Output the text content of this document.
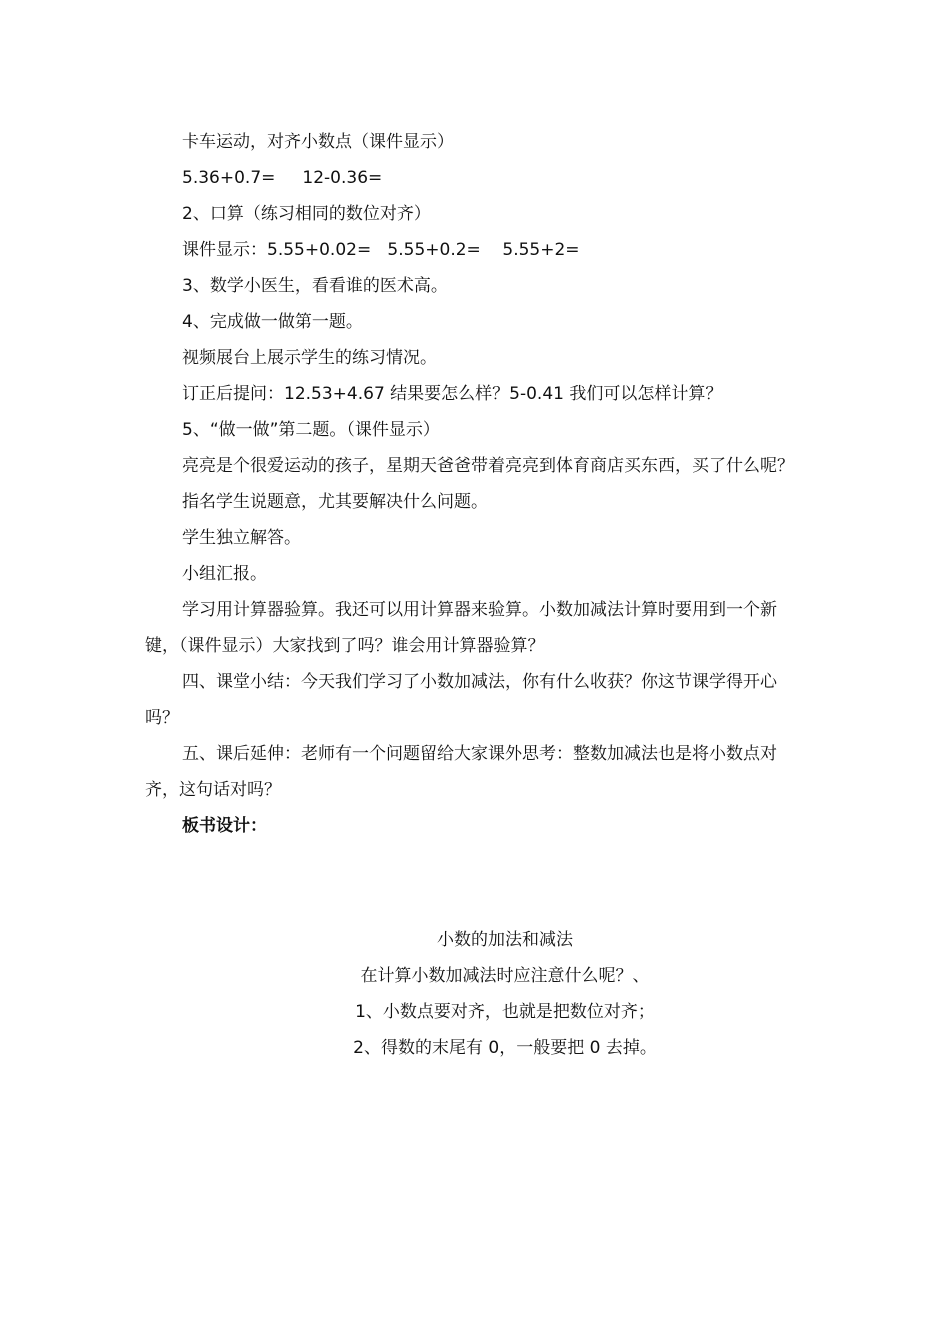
卡车运动，对齐小数点（课件显示）

5.36+0.7=     12-0.36=

2、口算（练习相同的数位对齐）

课件显示：5.55+0.02=   5.55+0.2=    5.55+2=

3、数学小医生，看看谁的医术高。

4、完成做一做第一题。

视频展台上展示学生的练习情况。

订正后提问：12.53+4.67 结果要怎么样？5-0.41 我们可以怎样计算？

5、“做一做”第二题。（课件显示）

亮亮是个很爱运动的孩子，星期天爸爸带着亮亮到体育商店买东西，买了什么呢？

指名学生说题意，尤其要解决什么问题。

学生独立解答。

小组汇报。

学习用计算器验算。我还可以用计算器来验算。小数加减法计算时要用到一个新键，（课件显示）大家找到了吗？谁会用计算器验算？

四、课堂小结：今天我们学习了小数加减法，你有什么收获？你这节课学得开心吗？

五、课后延伸：老师有一个问题留给大家课外思考：整数加减法也是将小数点对齐，这句话对吗？

板书设计：

小数的加法和减法

在计算小数加减法时应注意什么呢？、

1、小数点要对齐，也就是把数位对齐；

2、得数的末尾有 0，一般要把 0 去掉。
